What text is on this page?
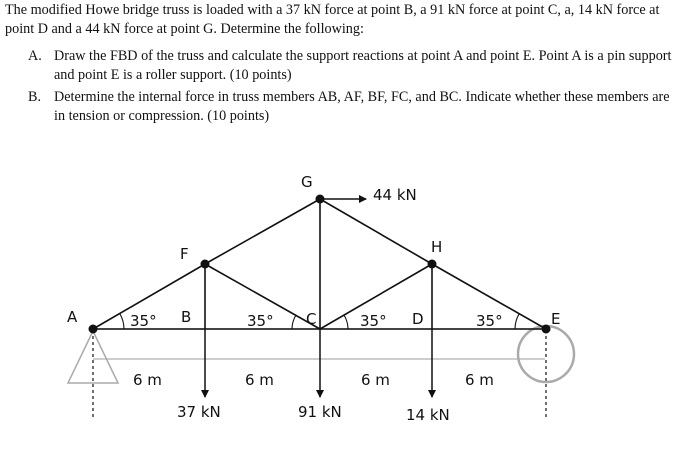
The modified Howe bridge truss is loaded with a 37 kN force at point B, a 91 kN force at point C, a, 14 kN force at point D and a 44 kN force at point G. Determine the following:

A. Draw the FBD of the truss and calculate the support reactions at point A and point E. Point A is a pin support and point E is a roller support. (10 points)
B. Determine the internal force in truss members AB, AF, BF, FC, and BC. Indicate whether these members are in tension or compression. (10 points)
A
F
G
H
B	C	D	E
35°	35°	35°	35°
6 m	6 m	6 m	6 m
37 kN	91 kN	14 kN
44 kN
